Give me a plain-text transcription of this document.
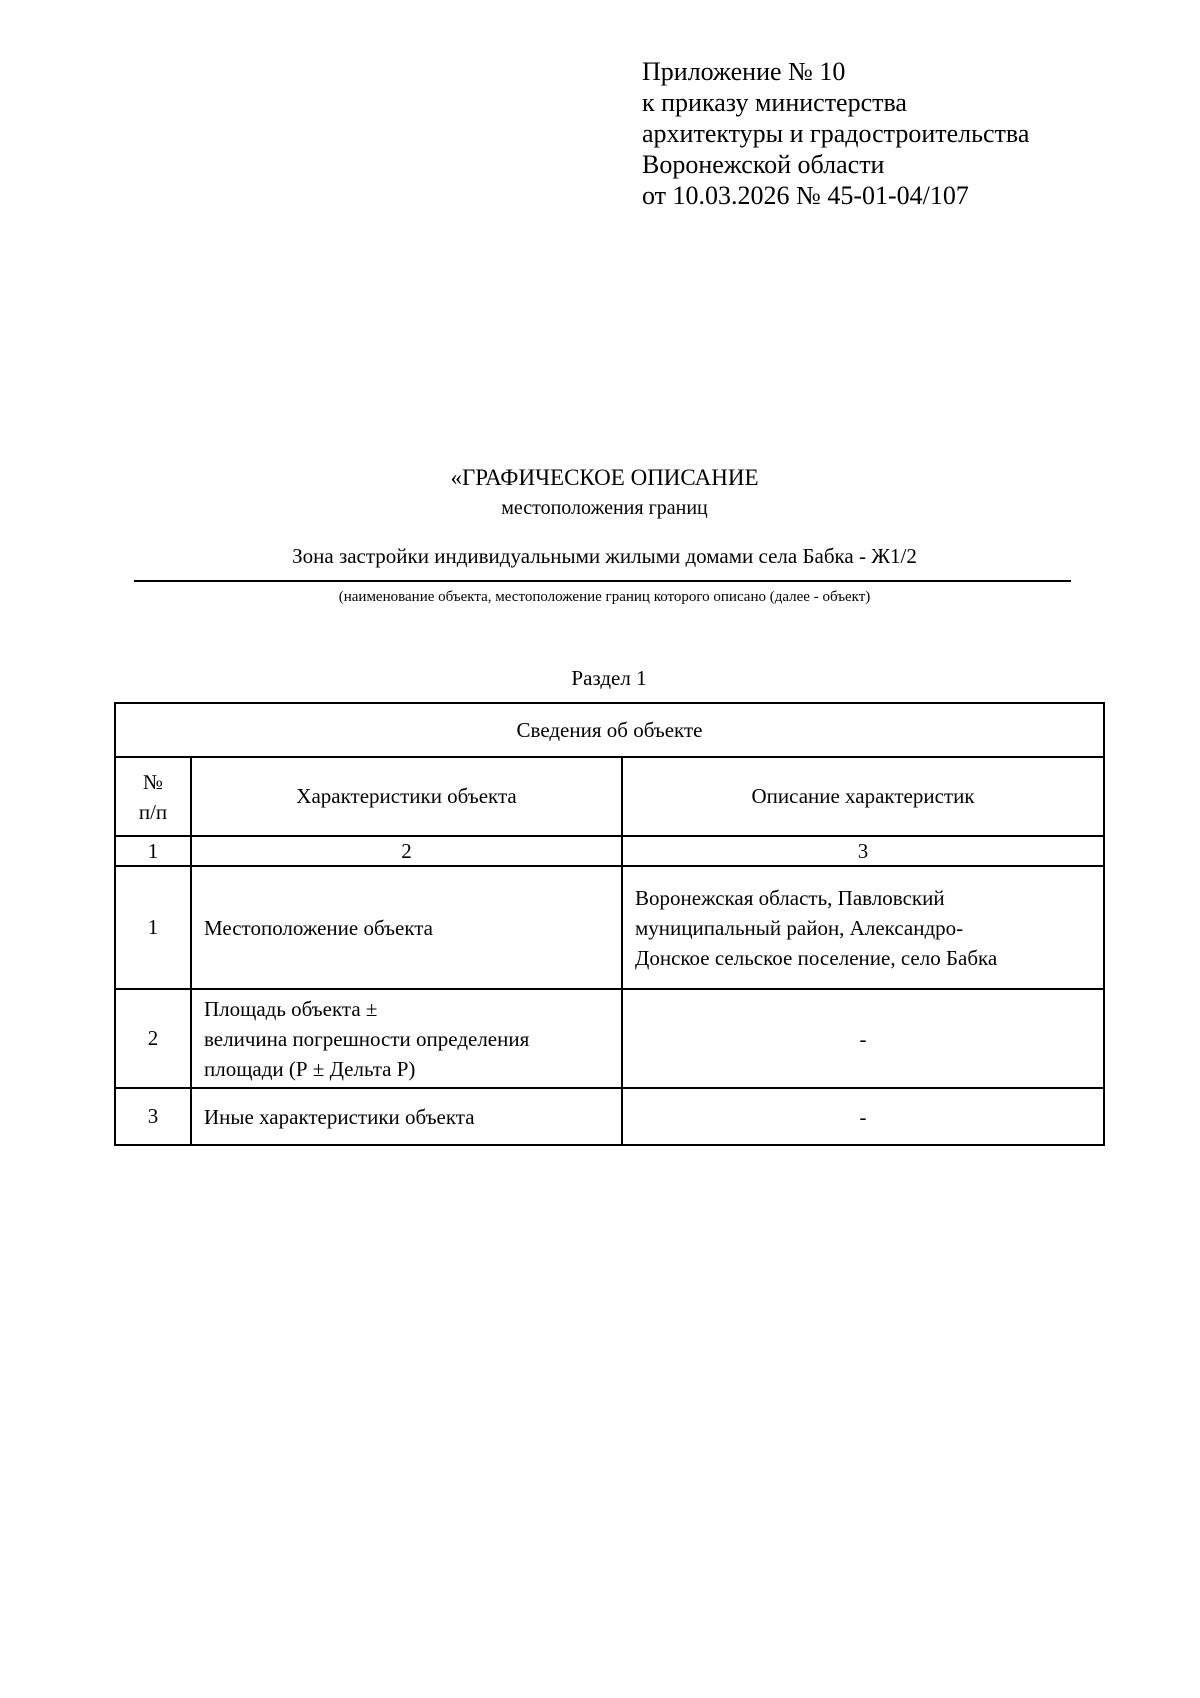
Приложение № 10
к приказу министерства
архитектуры и градостроительства
Воронежской области
от 10.03.2026 № 45-01-04/107
«ГРАФИЧЕСКОЕ ОПИСАНИЕ
местоположения границ
Зона застройки индивидуальными жилыми домами села Бабка - Ж1/2
(наименование объекта, местоположение границ которого описано (далее - объект)
Раздел 1
Сведения об объекте		

№
п/п	Характеристики объекта	Описание характеристик
1	2	3
1	Местоположение объекта	Воронежская область, Павловский
муниципальный район, Александро-
Донское сельское поселение, село Бабка

2	Площадь объекта ±
величина погрешности определения
площади (Р ± Дельта Р)	-

3	Иные характеристики объекта	-
